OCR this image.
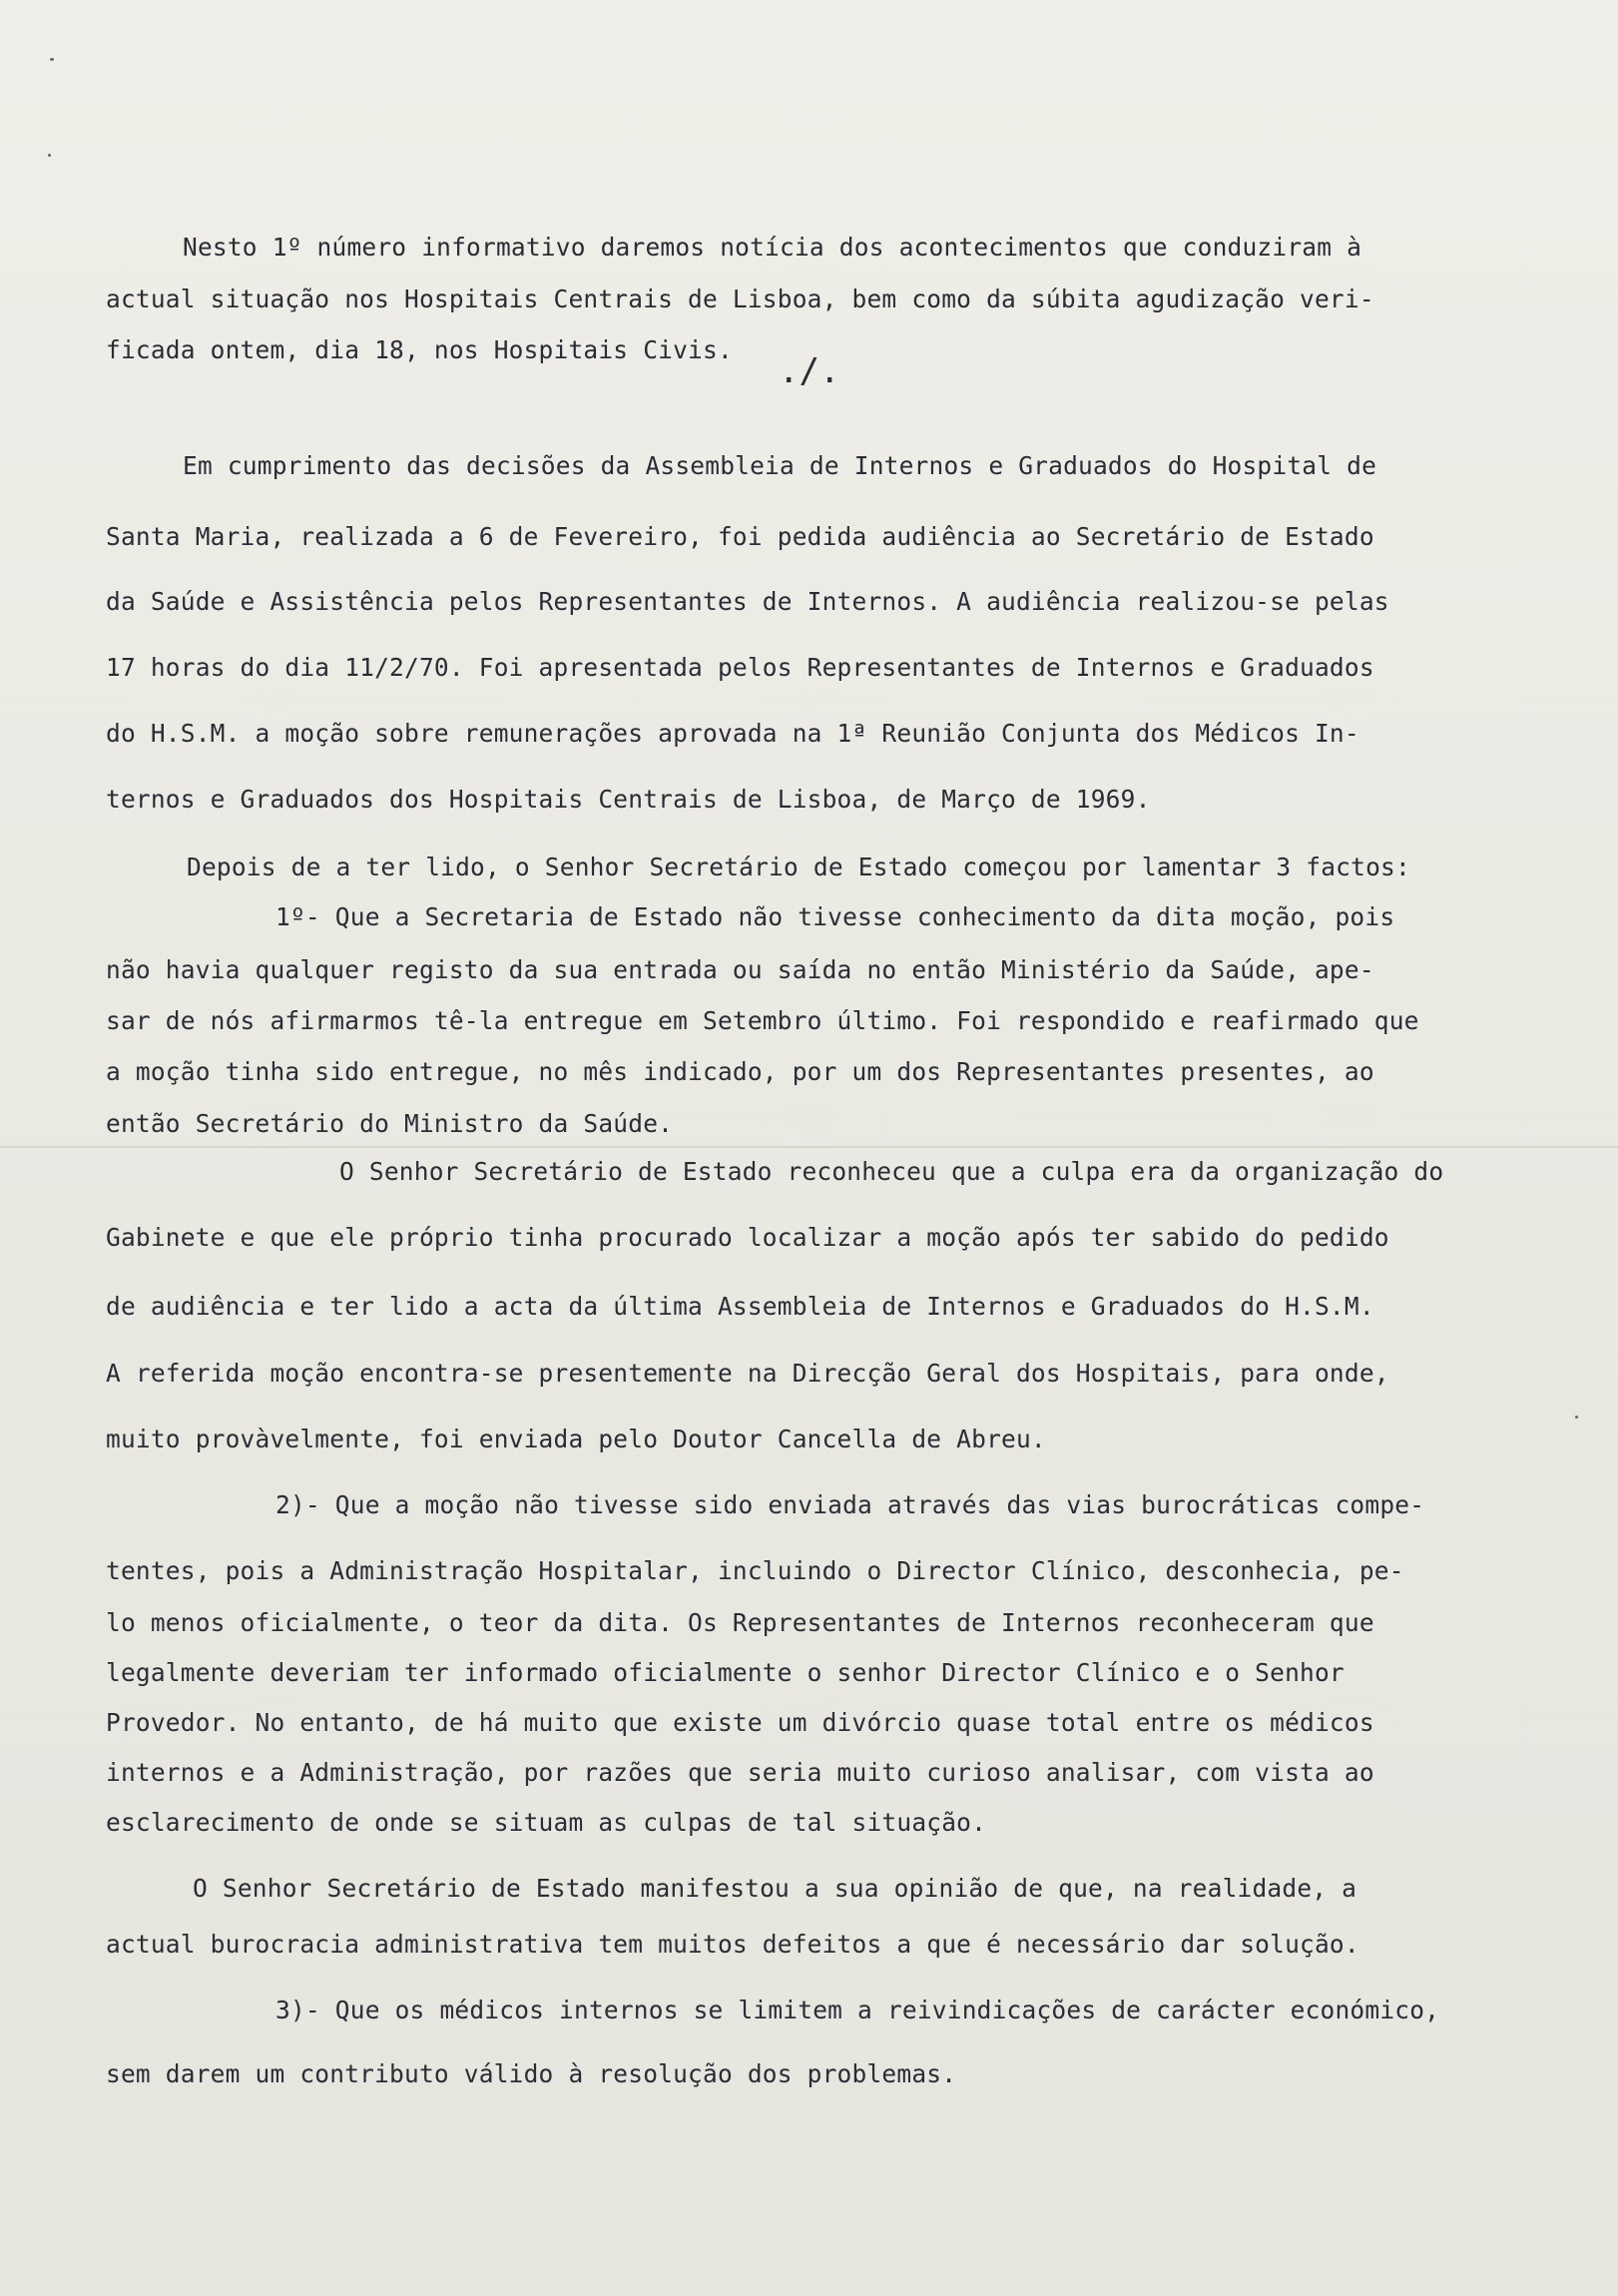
Nesto 1º número informativo daremos notícia dos acontecimentos que conduziram à
actual situação nos Hospitais Centrais de Lisboa, bem como da súbita agudização veri-
ficada ontem, dia 18, nos Hospitais Civis.
Em cumprimento das decisões da Assembleia de Internos e Graduados do Hospital de
Santa Maria, realizada a 6 de Fevereiro, foi pedida audiência ao Secretário de Estado
da Saúde e Assistência pelos Representantes de Internos. A audiência realizou-se pelas
17 horas do dia 11/2/70. Foi apresentada pelos Representantes de Internos e Graduados
do H.S.M. a moção sobre remunerações aprovada na 1ª Reunião Conjunta dos Médicos In-
ternos e Graduados dos Hospitais Centrais de Lisboa, de Março de 1969.
Depois de a ter lido, o Senhor Secretário de Estado começou por lamentar 3 factos:
1º- Que a Secretaria de Estado não tivesse conhecimento da dita moção, pois
não havia qualquer registo da sua entrada ou saída no então Ministério da Saúde, ape-
sar de nós afirmarmos tê-la entregue em Setembro último. Foi respondido e reafirmado que
a moção tinha sido entregue, no mês indicado, por um dos Representantes presentes, ao
então Secretário do Ministro da Saúde.
O Senhor Secretário de Estado reconheceu que a culpa era da organização do
Gabinete e que ele próprio tinha procurado localizar a moção após ter sabido do pedido
de audiência e ter lido a acta da última Assembleia de Internos e Graduados do H.S.M.
A referida moção encontra-se presentemente na Direcção Geral dos Hospitais, para onde,
muito provàvelmente, foi enviada pelo Doutor Cancella de Abreu.
2)- Que a moção não tivesse sido enviada através das vias burocráticas compe-
tentes, pois a Administração Hospitalar, incluindo o Director Clínico, desconhecia, pe-
lo menos oficialmente, o teor da dita. Os Representantes de Internos reconheceram que
legalmente deveriam ter informado oficialmente o senhor Director Clínico e o Senhor
Provedor. No entanto, de há muito que existe um divórcio quase total entre os médicos
internos e a Administração, por razões que seria muito curioso analisar, com vista ao
esclarecimento de onde se situam as culpas de tal situação.
O Senhor Secretário de Estado manifestou a sua opinião de que, na realidade, a
actual burocracia administrativa tem muitos defeitos a que é necessário dar solução.
3)- Que os médicos internos se limitem a reivindicações de carácter económico,
sem darem um contributo válido à resolução dos problemas.
./.
